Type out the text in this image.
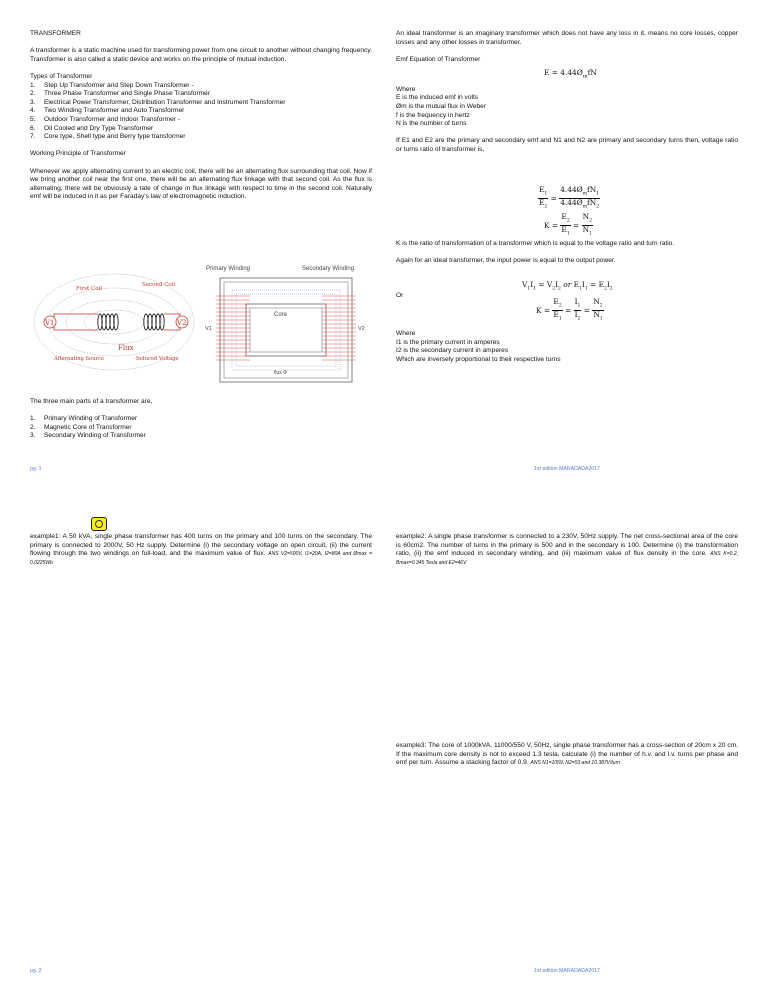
TRANSFORMER

A transformer is a static machine used for transforming power from one circuit to another without changing frequency. Transformer is also called a static device and works on the principle of mutual induction.

Types of Transformer

1. Step Up Transformer and Step Down Transformer -
2. Three Phase Transformer and Single Phase Transformer
3. Electrical Power Transformer, Distribution Transformer and Instrument Transformer
4. Two Winding Transformer and Auto Transformer
5. Outdoor Transformer and Indoor Transformer -
6. Oil Cooled and Dry Type Transformer
7. Core type, Shell type and Berry type transformer

Working Principle of Transformer

Whenever we apply alternating current to an electric coil, there will be an alternating flux surrounding that coil. Now if we bring another coil near the first one, there will be an alternating flux linkage with that second coil. As the flux is alternating, there will be obviously a rate of change in flux linkage with respect to time in the second coil. Naturally emf will be induced in it as per Faraday's law of electromagnetic induction.

V1	V2
First Coil
Second Coil
Flux
Alternating Source	Induced Voltage
Primary Winding	Secondary Winding
Core
flux Φ
V1	V2

The three main parts of a transformer are,

1. Primary Winding of Transformer
2. Magnetic Core of Transformer
3. Secondary Winding of Transformer

An ideal transformer is an imaginary transformer which does not have any loss in it, means no core losses, copper losses and any other losses in transformer.

Emf Equation of Transformer

$E = 4.44Ø_mfN$

Where

E is the induced emf in volts

Øm is the mutual flux in Weber

f is the frequency in hertz

N is the number of turns

If E1 and E2 are the primary and secondary emf and N1 and N2 are primary and secondary turns then, voltage ratio or turns ratio of transformer is,

$\frac{E_1}{E_2} = \frac{4.44Ø_mfN_1}{4.44Ø_mfN_2}$
$K = \frac{E_2}{E_1} = \frac{N_2}{N_1}$

K is the ratio of transformation of a transformer which is equal to the voltage ratio and turn ratio.

Again for an ideal transformer, the input power is equal to the output power.

$V_1I_1 = V_2I_2$ or $E_1I_1 = E_2I_2$

Or

$K = \frac{E_2}{E_1} = \frac{I_1}{I_2} = \frac{N_2}{N_1}$

Where

I1 is the primary current in amperes

I2 is the secondary current in amperes

Which are inversely proportional to their respective turns

pg. 1	1st edition MARADADA2017

example1: A 50 kVA, single phase transformer has 400 turns on the primary and 100 turns on the secondary. The primary is connected to 2000V, 50 Hz supply. Determine (i) the secondary voltage on open circuit, (ii) the current flowing through the two windings on full-load, and the maximum value of flux. ANS V2=500V, I1=20A, I2=80A and Ømax = 0.0225Wb

example2: A single phase transformer is connected to a 230V, 50Hz supply. The net cross-sectional area of the core is 60cm2. The number of turns in the primary is 500 and in the secondary is 100. Determine (i) the transformation ratio, (ii) the emf induced in secondary winding, and (iii) maximum value of flux density in the core. ANS K=0.2, Bmax=0.345 Tesla and E2=46V

example3: The core of 1000kVA, 11000/550 V, 50Hz, single phase transformer has a cross-section of 20cm x 20 cm. If the maximum core density is not to exceed 1.3 tesla, calculate (i) the number of h.v. and l.v. turns per phase and emf per turn. Assume a stacking factor of 0.9. ANS N1=1059, N2=53 and 10.387V/turn

pg. 2	1st edition MARADADA2017
